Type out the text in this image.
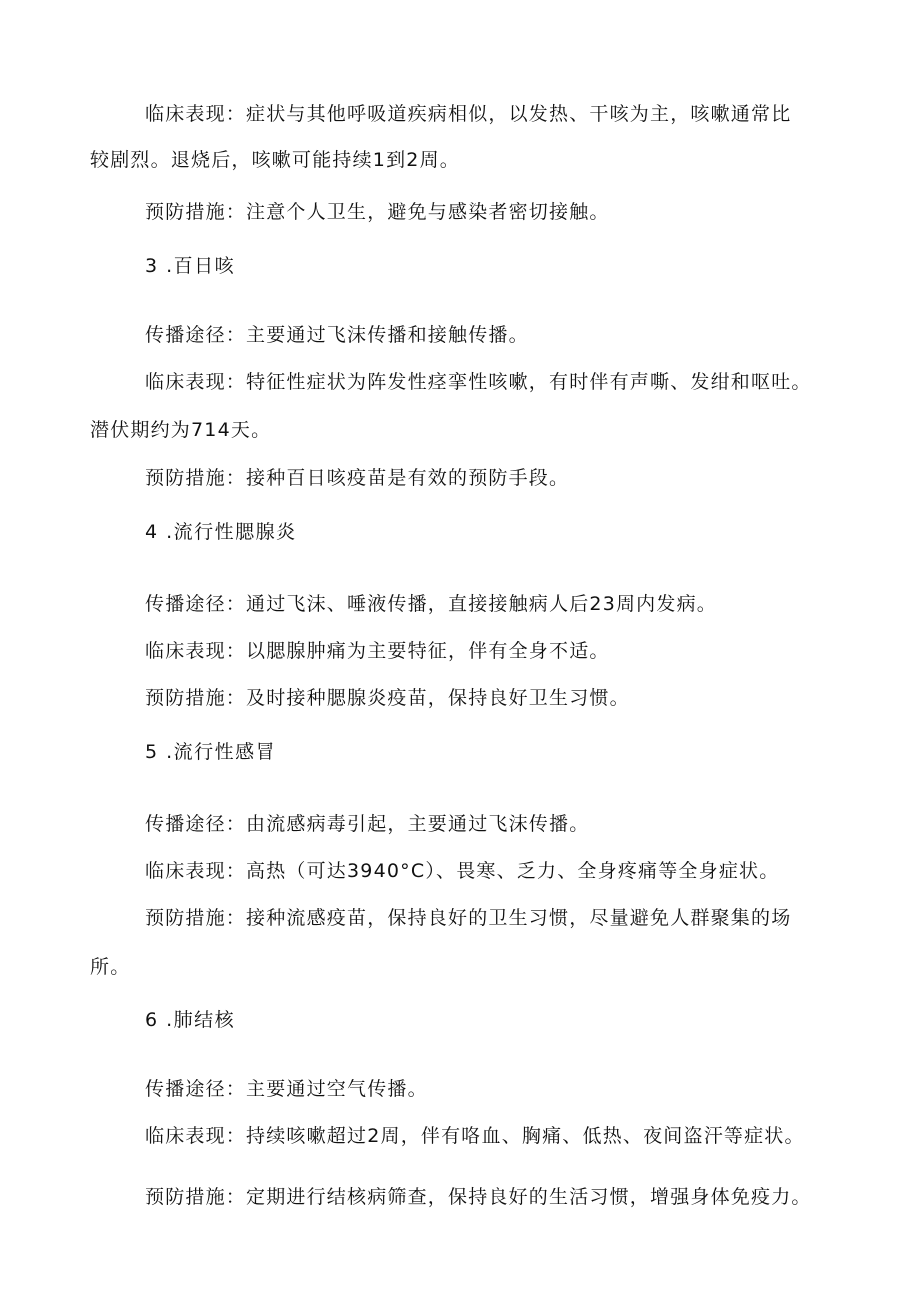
临床表现：症状与其他呼吸道疾病相似，以发热、干咳为主，咳嗽通常比
较剧烈。退烧后，咳嗽可能持续1到2周。
预防措施：注意个人卫生，避免与感染者密切接触。
3 .百日咳
传播途径：主要通过飞沫传播和接触传播。
临床表现：特征性症状为阵发性痉挛性咳嗽，有时伴有声嘶、发绀和呕吐。
潜伏期约为714天。
预防措施：接种百日咳疫苗是有效的预防手段。
4 .流行性腮腺炎
传播途径：通过飞沫、唾液传播，直接接触病人后23周内发病。
临床表现：以腮腺肿痛为主要特征，伴有全身不适。
预防措施：及时接种腮腺炎疫苗，保持良好卫生习惯。
5 .流行性感冒
传播途径：由流感病毒引起，主要通过飞沫传播。
临床表现：高热（可达3940°C）、畏寒、乏力、全身疼痛等全身症状。
预防措施：接种流感疫苗，保持良好的卫生习惯，尽量避免人群聚集的场
所。
6 .肺结核
传播途径：主要通过空气传播。
临床表现：持续咳嗽超过2周，伴有咯血、胸痛、低热、夜间盗汗等症状。
预防措施：定期进行结核病筛查，保持良好的生活习惯，增强身体免疫力。
